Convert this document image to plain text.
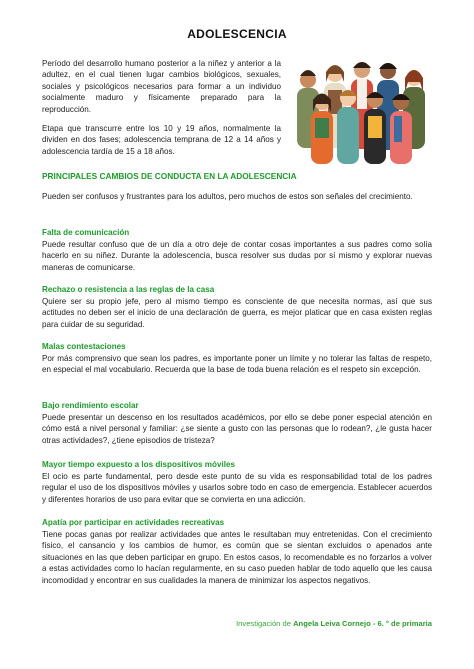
ADOLESCENCIA

Período del desarrollo humano posterior a la niñez y anterior a la adultez, en el cual tienen lugar cambios biológicos, sexuales, sociales y psicológicos necesarios para formar a un individuo socialmente maduro y físicamente preparado para la reproducción.

Etapa que transcurre entre los 10 y 19 años, normalmente la dividen en dos fases; adolescencia temprana de 12 a 14 años y adolescencia tardía de 15 a 18 años.

PRINCIPALES CAMBIOS DE CONDUCTA EN LA ADOLESCENCIA

Pueden ser confusos y frustrantes para los adultos, pero muchos de estos son señales del crecimiento.

Falta de comunicación

Puede resultar confuso que de un día a otro deje de contar cosas importantes a sus padres como solía hacerlo en su niñez. Durante la adolescencia, busca resolver sus dudas por sí mismo y explorar nuevas maneras de comunicarse.

Rechazo o resistencia a las reglas de la casa

Quiere ser su propio jefe, pero al mismo tiempo es consciente de que necesita normas, así que sus actitudes no deben ser el inicio de una declaración de guerra, es mejor platicar que en casa existen reglas para cuidar de su seguridad.

Malas contestaciones

Por más comprensivo que sean los padres, es importante poner un límite y no tolerar las faltas de respeto, en especial el mal vocabulario. Recuerda que la base de toda buena relación es el respeto sin excepción.

Bajo rendimiento escolar

Puede presentar un descenso en los resultados académicos, por ello se debe poner especial atención en cómo está a nivel personal y familiar: ¿se siente a gusto con las personas que lo rodean?, ¿le gusta hacer otras actividades?, ¿tiene episodios de tristeza?

Mayor tiempo expuesto a los dispositivos móviles

El ocio es parte fundamental, pero desde este punto de su vida es responsabilidad total de los padres regular el uso de los dispositivos móviles y usarlos sobre todo en caso de emergencia. Establecer acuerdos y diferentes horarios de uso para evitar que se convierta en una adicción.

Apatía por participar en actividades recreativas

Tiene pocas ganas por realizar actividades que antes le resultaban muy entretenidas. Con el crecimiento físico, el cansancio y los cambios de humor, es común que se sientan excluidos o apenados ante situaciones en las que deben participar en grupo. En estos casos, lo recomendable es no forzarlos a volver a estas actividades como lo hacían regularmente, en su caso pueden hablar de todo aquello que les causa incomodidad y encontrar en sus cualidades la manera de minimizar los aspectos negativos.

Investigación de Angela Leiva Cornejo - 6. ° de primaria
